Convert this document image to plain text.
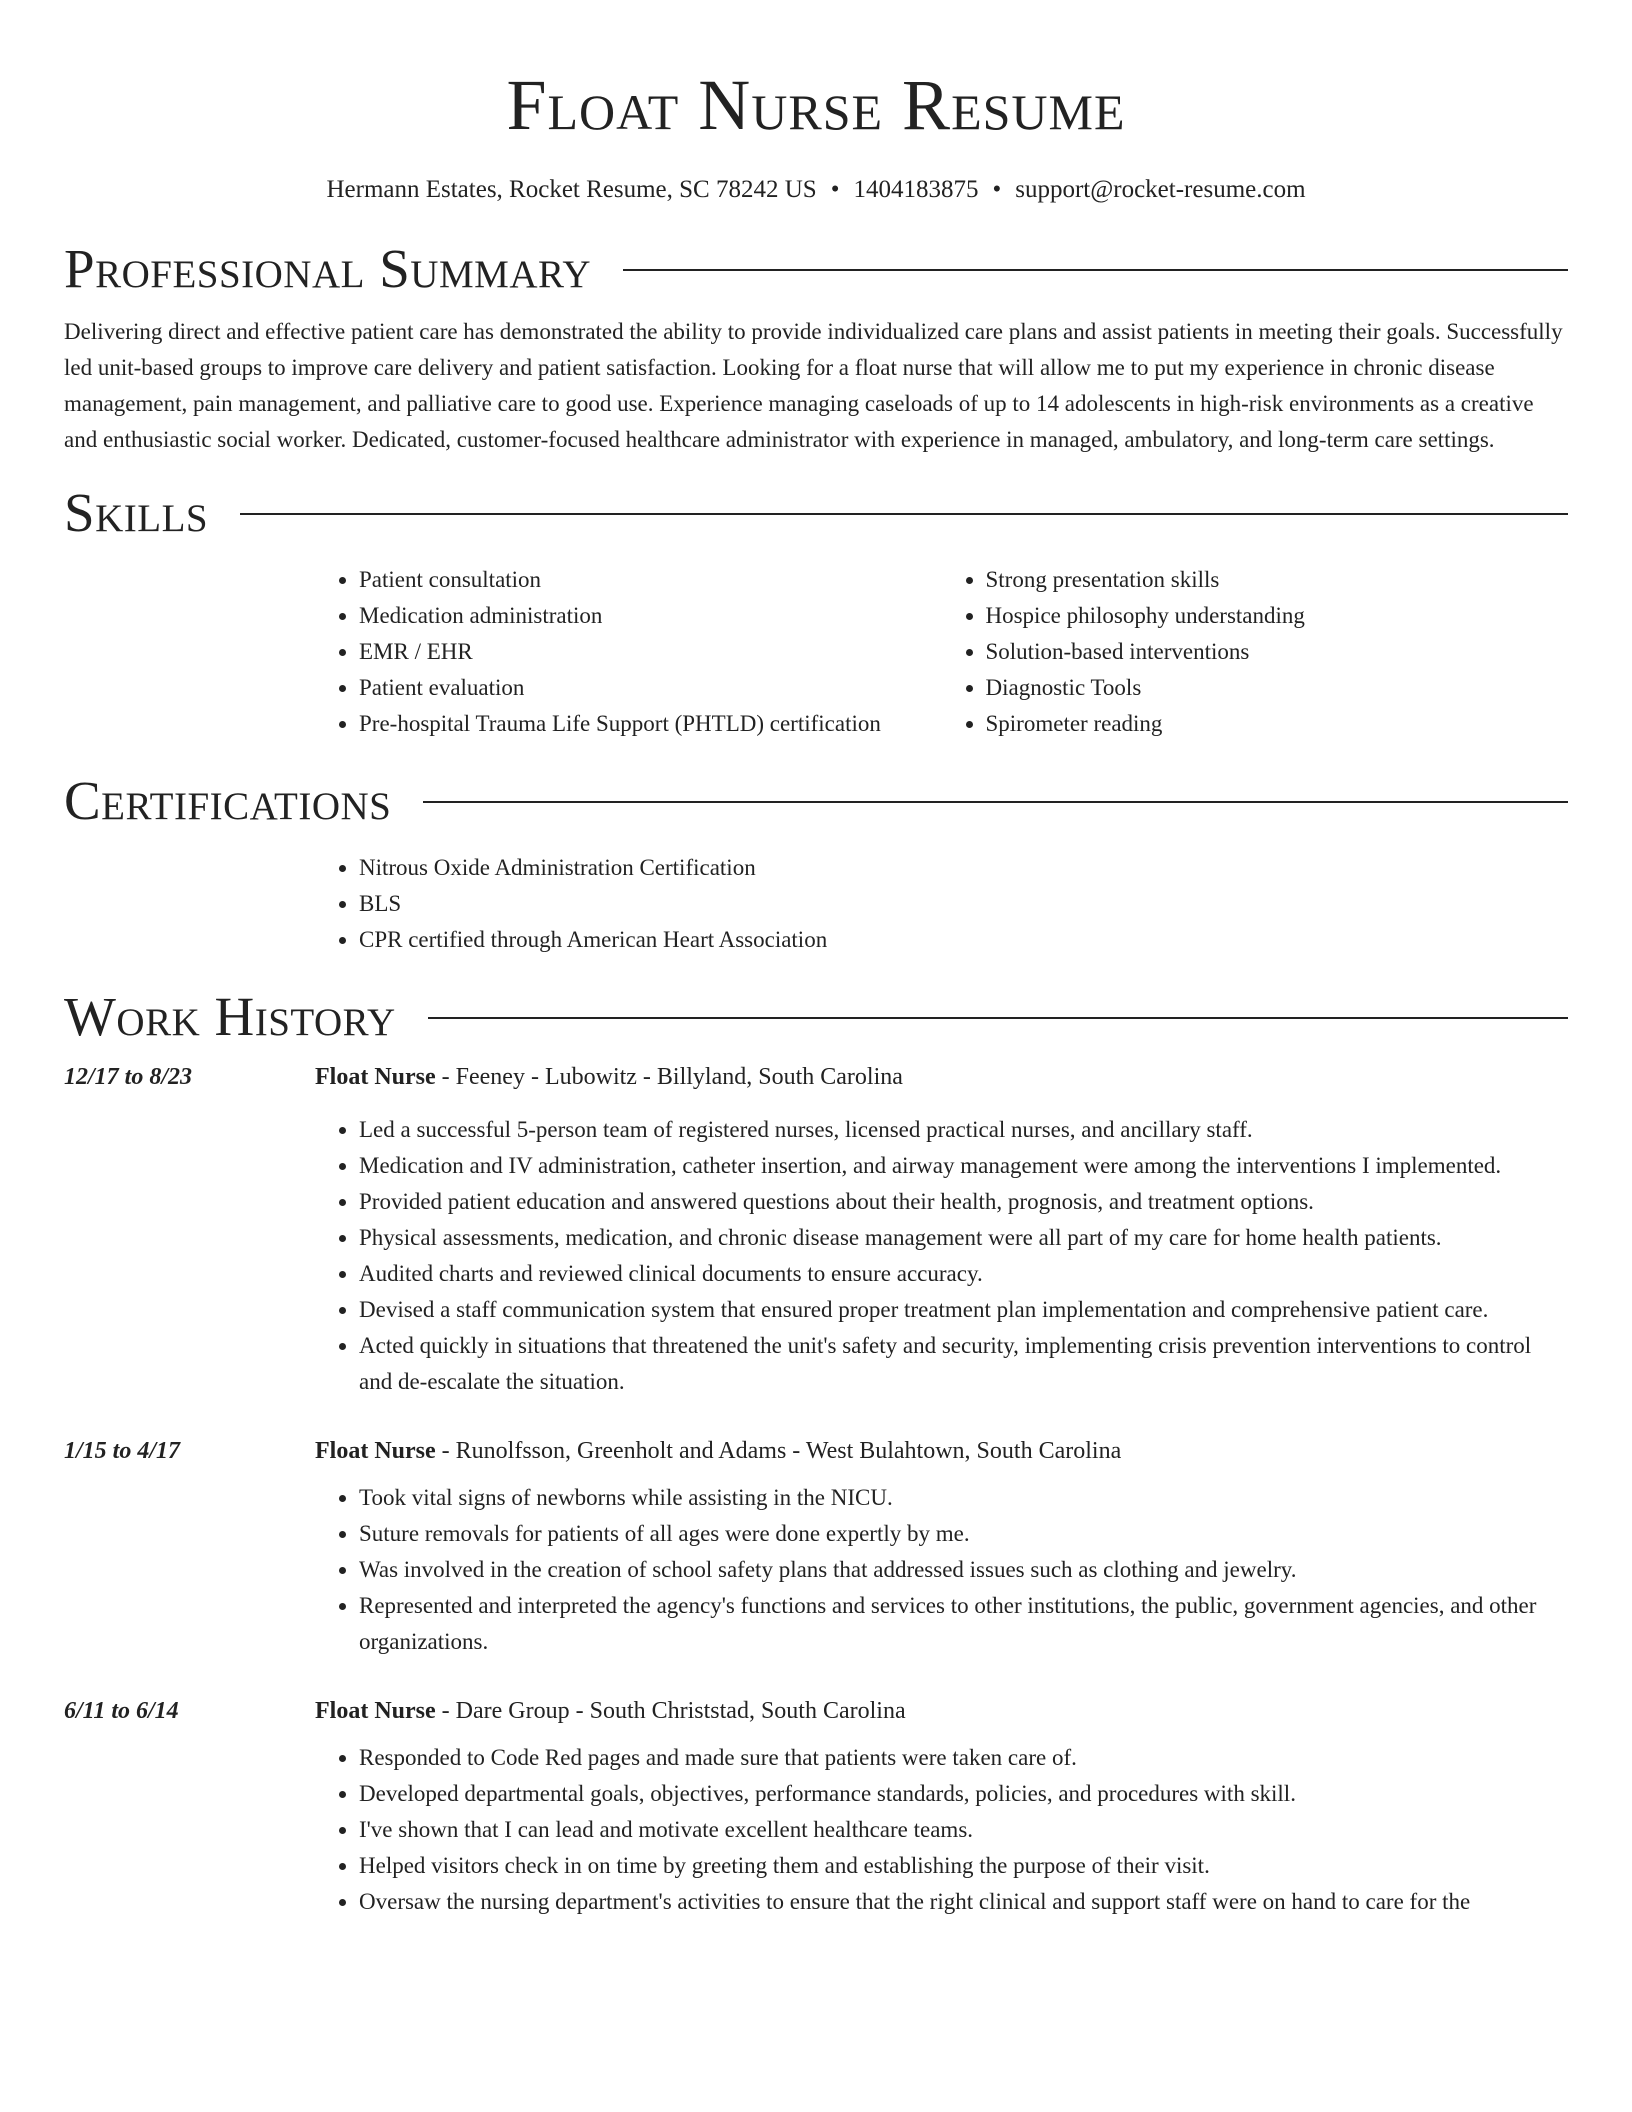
Float Nurse Resume
Hermann Estates, Rocket Resume, SC 78242 US • 1404183875 • support@rocket-resume.com
Professional Summary

Delivering direct and effective patient care has demonstrated the ability to provide individualized care plans and assist patients in meeting their goals. Successfully led unit-based groups to improve care delivery and patient satisfaction. Looking for a float nurse that will allow me to put my experience in chronic disease management, pain management, and palliative care to good use. Experience managing caseloads of up to 14 adolescents in high-risk environments as a creative and enthusiastic social worker. Dedicated, customer-focused healthcare administrator with experience in managed, ambulatory, and long-term care settings.

Skills
• Patient consultation
• Medication administration
• EMR / EHR
• Patient evaluation
• Pre-hospital Trauma Life Support (PHTLD) certification
• Strong presentation skills
• Hospice philosophy understanding
• Solution-based interventions
• Diagnostic Tools
• Spirometer reading
Certifications
• Nitrous Oxide Administration Certification
• BLS
• CPR certified through American Heart Association
Work History
12/17 to 8/23	Float Nurse - Feeney - Lubowitz - Billyland, South Carolina
• Led a successful 5-person team of registered nurses, licensed practical nurses, and ancillary staff.
• Medication and IV administration, catheter insertion, and airway management were among the interventions I implemented.
• Provided patient education and answered questions about their health, prognosis, and treatment options.
• Physical assessments, medication, and chronic disease management were all part of my care for home health patients.
• Audited charts and reviewed clinical documents to ensure accuracy.
• Devised a staff communication system that ensured proper treatment plan implementation and comprehensive patient care.
• Acted quickly in situations that threatened the unit's safety and security, implementing crisis prevention interventions to control and de-escalate the situation.
1/15 to 4/17	Float Nurse - Runolfsson, Greenholt and Adams - West Bulahtown, South Carolina
• Took vital signs of newborns while assisting in the NICU.
• Suture removals for patients of all ages were done expertly by me.
• Was involved in the creation of school safety plans that addressed issues such as clothing and jewelry.
• Represented and interpreted the agency's functions and services to other institutions, the public, government agencies, and other organizations.
6/11 to 6/14	Float Nurse - Dare Group - South Christstad, South Carolina
• Responded to Code Red pages and made sure that patients were taken care of.
• Developed departmental goals, objectives, performance standards, policies, and procedures with skill.
• I've shown that I can lead and motivate excellent healthcare teams.
• Helped visitors check in on time by greeting them and establishing the purpose of their visit.
• Oversaw the nursing department's activities to ensure that the right clinical and support staff were on hand to care for the
